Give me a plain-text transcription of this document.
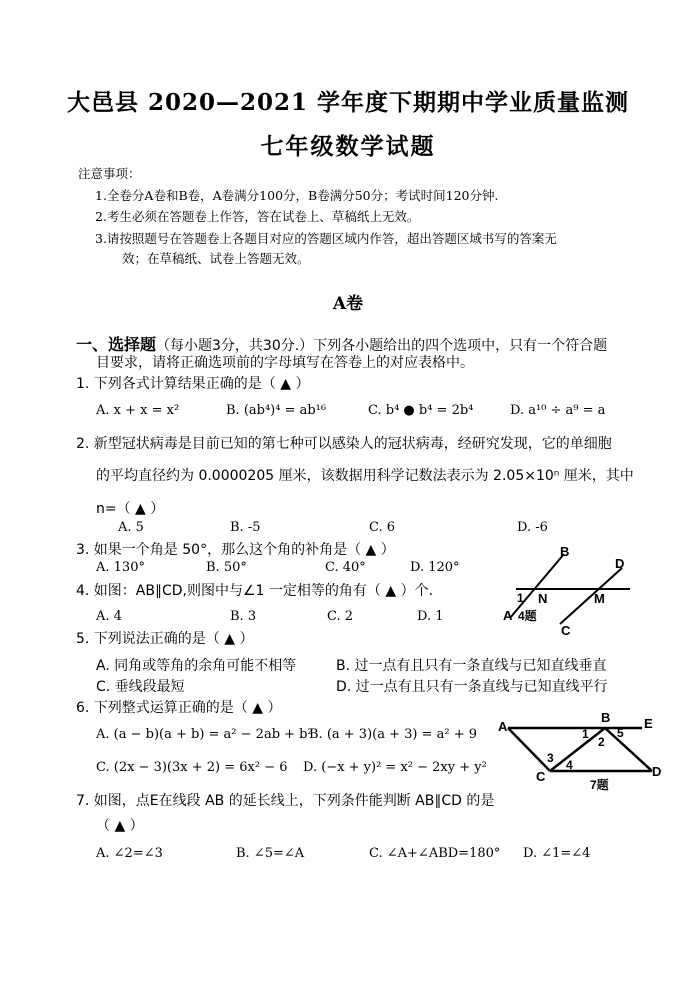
大邑县 2020—2021 学年度下期期中学业质量监测
七年级数学试题
注意事项：
1.全卷分A卷和B卷，A卷满分100分，B卷满分50分；考试时间120分钟.
2.考生必须在答题卷上作答，答在试卷上、草稿纸上无效。
3.请按照题号在答题卷上各题目对应的答题区域内作答，超出答题区域书写的答案无
效；在草稿纸、试卷上答题无效。
A卷
一、选择题（每小题3分，共30分.）下列各小题给出的四个选项中，只有一个符合题
目要求，请将正确选项前的字母填写在答卷上的对应表格中。
1. 下列各式计算结果正确的是（ ▲ ）
A. x + x = x²	B. (ab⁴)⁴ = ab¹⁶	C. b⁴ ● b⁴ = 2b⁴	D. a¹⁰ ÷ a⁹ = a
2. 新型冠状病毒是目前已知的第七种可以感染人的冠状病毒，经研究发现，它的单细胞
的平均直径约为 0.0000205 厘米，该数据用科学记数法表示为 2.05×10ⁿ 厘米，其中
n=（ ▲ ）
A. 5	B. -5	C. 6	D. -6
3. 如果一个角是 50°，那么这个角的补角是（ ▲ ）
A. 130°	B. 50°	C. 40°	D. 120°
4. 如图：AB∥CD,则图中与∠1 一定相等的角有（ ▲ ）个.
A. 4	B. 3	C. 2	D. 1
B
D
1 N	M
A 4题
C
5. 下列说法正确的是（ ▲ ）
A. 同角或等角的余角可能不相等	B. 过一点有且只有一条直线与已知直线垂直
C. 垂线段最短	D. 过一点有且只有一条直线与已知直线平行
6. 下列整式运算正确的是（ ▲ ）
A. (a − b)(a + b) = a² − 2ab + b²
B. (a + 3)(a + 3) = a² + 9
C. (2x − 3)(3x + 2) = 6x² − 6 D. (−x + y)² = x² − 2xy + y²
A
B	E
1
2
5
3 4
C	D
7题
7. 如图，点E在线段 AB 的延长线上，下列条件能判断 AB∥CD 的是
（ ▲ ）
A. ∠2=∠3	B. ∠5=∠A	C. ∠A+∠ABD=180° D. ∠1=∠4
